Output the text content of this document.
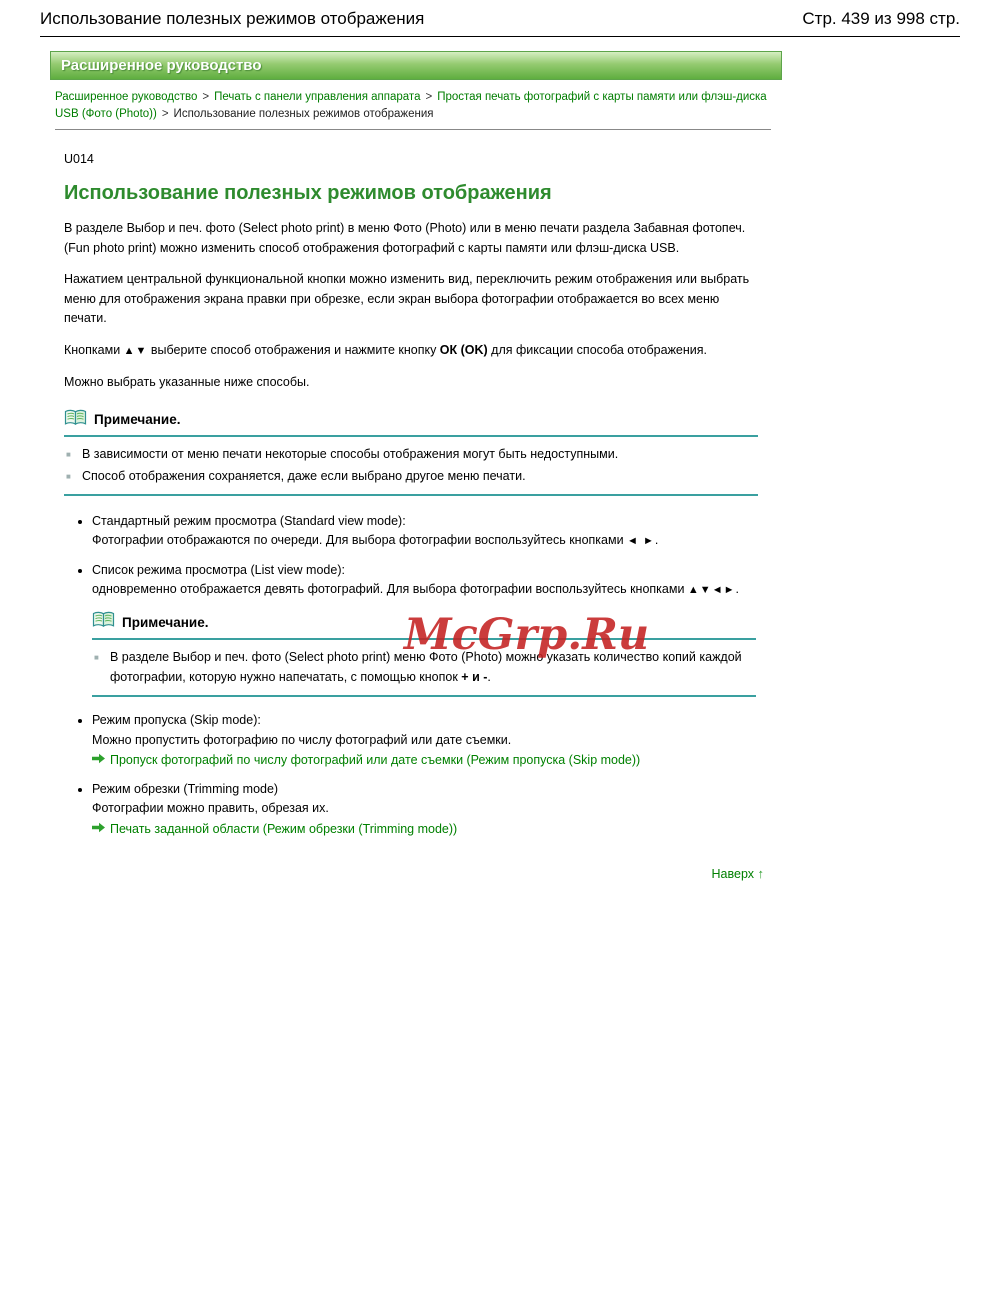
Использование полезных режимов отображения	Стр. 439 из 998 стр.
Расширенное руководство
Расширенное руководство > Печать с панели управления аппарата > Простая печать фотографий с карты памяти или флэш-диска USB (Фото (Photo)) > Использование полезных режимов отображения
U014
Использование полезных режимов отображения

В разделе Выбор и печ. фото (Select photo print) в меню Фото (Photo) или в меню печати раздела Забавная фотопеч. (Fun photo print) можно изменить способ отображения фотографий с карты памяти или флэш-диска USB.

Нажатием центральной функциональной кнопки можно изменить вид, переключить режим отображения или выбрать меню для отображения экрана правки при обрезке, если экран выбора фотографии отображается во всех меню печати.

Кнопками ▲▼ выберите способ отображения и нажмите кнопку ОК (OK) для фиксации способа отображения.

Можно выбрать указанные ниже способы.

Примечание.
■ В зависимости от меню печати некоторые способы отображения могут быть недоступными.
■ Способ отображения сохраняется, даже если выбрано другое меню печати.
• Стандартный режим просмотра (Standard view mode):
Фотографии отображаются по очереди. Для выбора фотографии воспользуйтесь кнопками ◄ ►.
• Список режима просмотра (List view mode):
одновременно отображается девять фотографий. Для выбора фотографии воспользуйтесь кнопками ▲▼◄►.
Примечание.
■ В разделе Выбор и печ. фото (Select photo print) меню Фото (Photo) можно указать количество копий каждой фотографии, которую нужно напечатать, с помощью кнопок + и -.
• Режим пропуска (Skip mode):
Можно пропустить фотографию по числу фотографий или дате съемки.
Пропуск фотографий по числу фотографий или дате съемки (Режим пропуска (Skip mode))
• Режим обрезки (Trimming mode)
Фотографии можно править, обрезая их.
Печать заданной области (Режим обрезки (Trimming mode))
Наверх ↑
McGrp.Ru
